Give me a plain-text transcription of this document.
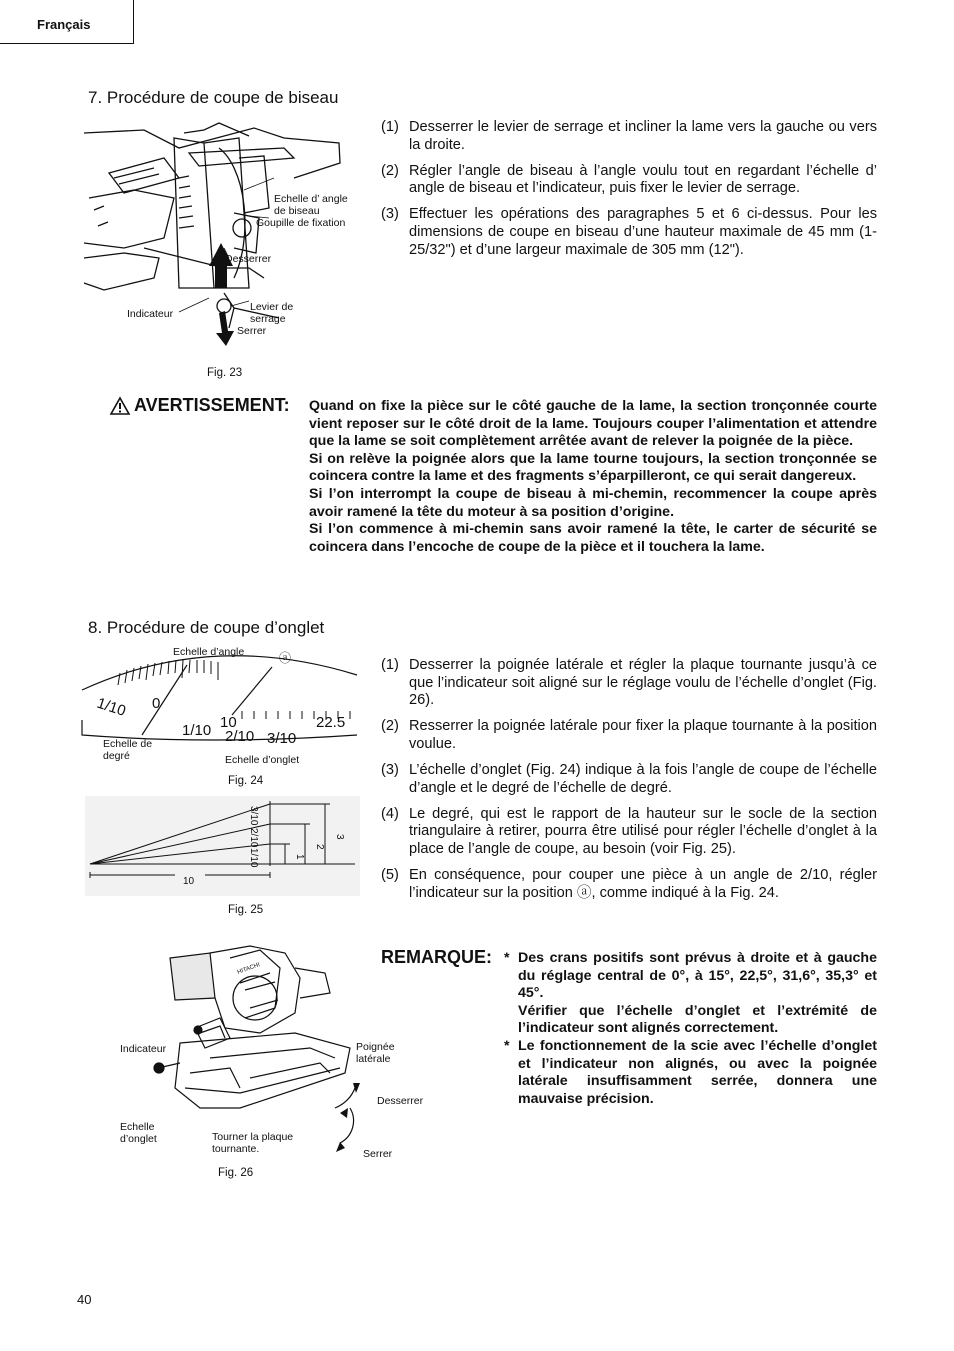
Français
7. Procédure de coupe de biseau
Echelle d’ angle
de biseau
Goupille de fixation
Desserrer
Indicateur
Levier de
serrage
Serrer
Fig. 23
(1) Desserrer le levier de serrage et incliner la lame vers la gauche ou vers la droite.
(2) Régler l’angle de biseau à l’angle voulu tout en regardant l’échelle d’ angle de biseau et l’indicateur, puis fixer le levier de serrage.
(3) Effectuer les opérations des paragraphes 5 et 6 ci-dessus. Pour les dimensions de coupe en biseau d’une hauteur maximale de 45 mm (1-25/32") et d’une largeur maximale de 305 mm (12").
AVERTISSEMENT: Quand on fixe la pièce sur le côté gauche de la lame, la section tronçonnée courte vient reposer sur le côté droit de la lame. Toujours couper l’alimentation et attendre que la lame se soit complètement arrêtée avant de relever la poignée de la pièce.

Si on relève la poignée alors que la lame tourne toujours, la section tronçonnée se coincera contre la lame et des fragments s’éparpilleront, ce qui serait dangereux.

Si l’on interrompt la coupe de biseau à mi-chemin, recommencer la coupe après avoir ramené la tête du moteur à sa position d’origine.

Si l’on commence à mi-chemin sans avoir ramené la tête, le carter de sécurité se coincera dans l’encoche de coupe de la pièce et il touchera la lame.

8. Procédure de coupe d’onglet
1/10 0
1/10 10
2/10 3/10
22.5
Echelle d’angle	ⓐ
Echelle de
degré	Echelle d’onglet
Fig. 24
10
3/10
2/10
1/10	1
2
3
Fig. 25
HITACHI
Indicateur	Poignée
latérale
Desserrer
Echelle
d’onglet	Tourner la plaque
tournante.	Serrer
Fig. 26
(1) Desserrer la poignée latérale et régler la plaque tournante jusqu’à ce que l’indicateur soit aligné sur le réglage voulu de l’échelle d’onglet (Fig. 26).
(2) Resserrer la poignée latérale pour fixer la plaque tournante à la position voulue.
(3) L’échelle d’onglet (Fig. 24) indique à la fois l’angle de coupe de l’échelle d’angle et le degré de l’échelle de degré.
(4) Le degré, qui est le rapport de la hauteur sur le socle de la section triangulaire à retirer, pourra être utilisé pour régler l’échelle d’onglet à la place de l’angle de coupe, au besoin (voir Fig. 25).
(5) En conséquence, pour couper une pièce à un angle de 2/10, régler l’indicateur sur la position ⓐ, comme indiqué à la Fig. 24.
REMARQUE: * Des crans positifs sont prévus à droite et à gauche du réglage central de 0°, à 15°, 22,5°, 31,6°, 35,3° et 45°.

Vérifier que l’échelle d’onglet et l’extrémité de l’indicateur sont alignés correctement.

* Le fonctionnement de la scie avec l’échelle d’onglet et l’indicateur non alignés, ou avec la poignée latérale insuffisamment serrée, donnera une mauvaise précision.

40
